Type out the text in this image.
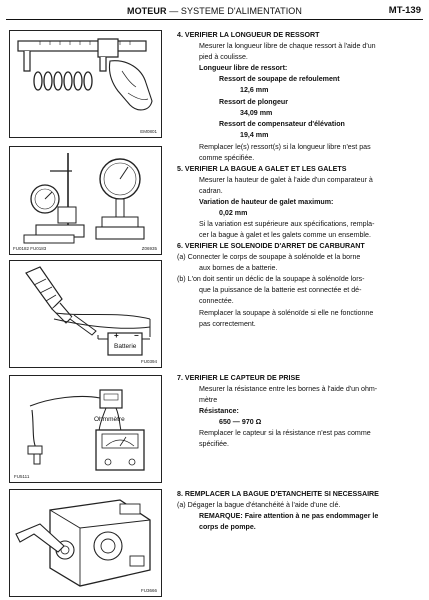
MOTEUR — SYSTEME D'ALIMENTATION	MT-139
EM0801
FU0182 FU0183	Z06935
+ −
Batterie
FU0394
Ohmmètre
FU5111
FU3666
4. VERIFIER LA LONGUEUR DE RESSORT
Mesurer la longueur libre de chaque ressort à l'aide d'un
pied à coulisse.
Longueur libre de ressort:
Ressort de soupape de refoulement
12,6 mm
Ressort de plongeur
34,09 mm
Ressort de compensateur d'élévation
19,4 mm
Remplacer le(s) ressort(s) si la longueur libre n'est pas
comme spécifiée.
5. VERIFIER LA BAGUE A GALET ET LES GALETS
Mesurer la hauteur de galet à l'aide d'un comparateur à
cadran.
Variation de hauteur de galet maximum:
0,02 mm
Si la variation est supérieure aux spécifications, rempla-
cer la bague à galet et les galets comme un ensemble.
6. VERIFIER LE SOLENOIDE D'ARRET DE CARBURANT
(a) Connecter le corps de soupape à solénoïde et la borne
aux bornes de a batterie.
(b) L'on doit sentir un déclic de la soupape à solénoïde lors-
que la puissance de la batterie est connectée et dé-
connectée.
Remplacer la soupape à solénoïde si elle ne fonctionne
pas correctement.
7. VERIFIER LE CAPTEUR DE PRISE
Mesurer la résistance entre les bornes à l'aide d'un ohm-
mètre
Résistance:
650 — 970 Ω
Remplacer le capteur si la résistance n'est pas comme
spécifiée.
8. REMPLACER LA BAGUE D'ETANCHEITE SI NECESSAIRE
(a) Dégager la bague d'étanchéité à l'aide d'une clé.
REMARQUE: Faire attention à ne pas endommager le
corps de pompe.
